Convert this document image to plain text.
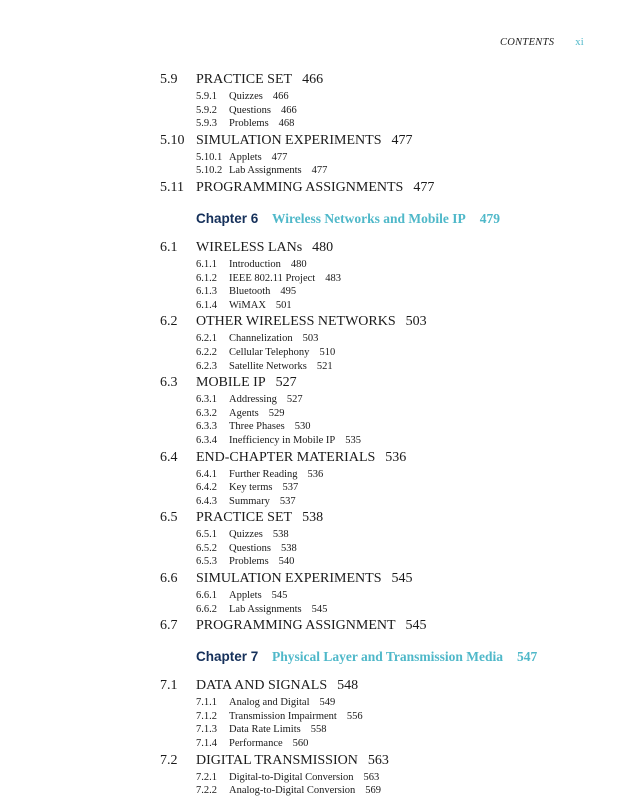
CONTENTS xi
5.9 PRACTICE SET 466
5.9.1 Quizzes 466
5.9.2 Questions 466
5.9.3 Problems 468
5.10 SIMULATION EXPERIMENTS 477
5.10.1 Applets 477
5.10.2 Lab Assignments 477
5.11 PROGRAMMING ASSIGNMENTS 477
Chapter 6 Wireless Networks and Mobile IP 479
6.1 WIRELESS LANs 480
6.1.1 Introduction 480
6.1.2 IEEE 802.11 Project 483
6.1.3 Bluetooth 495
6.1.4 WiMAX 501
6.2 OTHER WIRELESS NETWORKS 503
6.2.1 Channelization 503
6.2.2 Cellular Telephony 510
6.2.3 Satellite Networks 521
6.3 MOBILE IP 527
6.3.1 Addressing 527
6.3.2 Agents 529
6.3.3 Three Phases 530
6.3.4 Inefficiency in Mobile IP 535
6.4 END-CHAPTER MATERIALS 536
6.4.1 Further Reading 536
6.4.2 Key terms 537
6.4.3 Summary 537
6.5 PRACTICE SET 538
6.5.1 Quizzes 538
6.5.2 Questions 538
6.5.3 Problems 540
6.6 SIMULATION EXPERIMENTS 545
6.6.1 Applets 545
6.6.2 Lab Assignments 545
6.7 PROGRAMMING ASSIGNMENT 545
Chapter 7 Physical Layer and Transmission Media 547
7.1 DATA AND SIGNALS 548
7.1.1 Analog and Digital 549
7.1.2 Transmission Impairment 556
7.1.3 Data Rate Limits 558
7.1.4 Performance 560
7.2 DIGITAL TRANSMISSION 563
7.2.1 Digital-to-Digital Conversion 563
7.2.2 Analog-to-Digital Conversion 569
